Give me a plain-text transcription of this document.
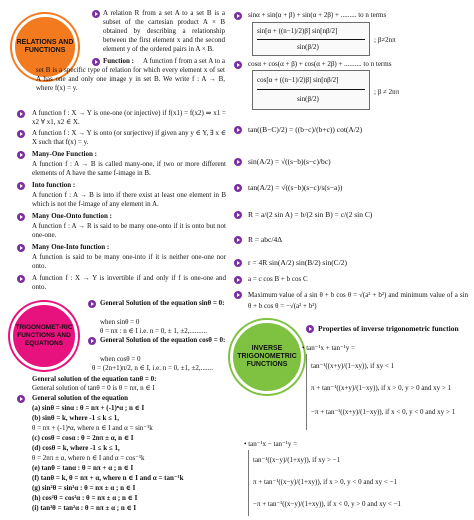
RELATIONS AND FUNCTIONS
A relation R from a set A to a set B is a subset of the cartesian product A × B obtained by describing a relationship between the first element x and the second element y of the ordered pairs in A × B.
Function :	A function f from a set A to a set B is a specific type of relation for which every element x of set A has one and only one image y in set B. We write f : A → B, where f(x) = y.
A function f : X → Y is one-one (or injective) if f(x1) = f(x2) ⇒ x1 = x2 ∀ x1, x2 ∈ X.
A function f : X → Y is onto (or surjective) if given any y ∈ Y, ∃ x ∈ X such that f(x) = y.
Many-One Function :
A function f : A → B is called many-one, if two or more different elements of A have the same f-image in B.
Into function :
A function f : A → B is into if there exist at least one element in B which is not the f-image of any element in A.
Many One-Onto function :
A function f : A → R is said to be many one-onto if it is onto but not one-one.
Many One-Into function :
A function is said to be many one-into if it is neither one-one nor onto.
A function f : X → Y is invertible if and only if f is one-one and onto.
TRIGONOMET-RIC FUNCTIONS AND EQUATIONS
General Solution of the equation sinθ = 0:
when sinθ = 0
θ = nπ : n ∈ I i.e. n = 0, ± 1, ±2,..........
General Solution of the equation cosθ = 0:
when cosθ = 0
θ = (2n+1)π/2, n ∈ I, i.e. n = 0, ±1, ±2,.......
General solution of the equation tanθ = 0:
General solution of tanθ = 0 is θ = nπ, n ∈ I
General solution of the equation
(a) sinθ = sinα : θ = nπ + (-1)ⁿα ; n ∈ I
(b) sinθ = k, where -1 ≤ k ≤ 1,
θ = nπ + (-1)ⁿα, where n ∈ I and α = sin⁻¹k
(c) cosθ = cosα : θ = 2nπ ± α, n ∈ I
(d) cosθ = k, where -1 ≤ k ≤ 1,
θ = 2nπ ± α, where n ∈ I and α = cos⁻¹k
(e) tanθ = tanα : θ = nπ + α ; n ∈ I
(f) tanθ = k, θ = nπ + α, where n ∈ I and α = tan⁻¹k
(g) sin²θ = sin²α : θ = nπ ± α ; n ∈ I
(h) cos²θ = cos²α : θ = nπ ± α ; n ∈ I
(i) tan²θ = tan²α : θ = nπ ± α ; n ∈ I
sinα + sin(α + β) + sin(α + 2β) + ......... to n terms
sin[α + ((n−1)/2)β] sin[nβ/2]
sin(β/2)
; β≠2nπ
cosα + cos(α + β) + cos(α + 2β) + .......... to n terms
cos[α + ((n−1)/2)β] sin[nβ/2]
sin(β/2)
; β ≠ 2nπ
tan((B−C)/2) = ((b−c)/(b+c)) cot(A/2)
sin(A/2) = √((s−b)(s−c)/bc)
tan(A/2) = √((s−b)(s−c)/s(s−a))
R = a/(2 sin A) = b/(2 sin B) = c/(2 sin C)
R = abc/4Δ
r = 4R sin(A/2) sin(B/2) sin(C/2)
a = c cos B + b cos C
Maximum value of a sin θ + b cos θ = √(a² + b²) and minimum value of a sin θ + b cos θ = −√(a² + b²)
INVERSE TRIGONOMETRIC FUNCTIONS
Properties of inverse trigonometric function
• tan⁻¹x + tan⁻¹y =
tan⁻¹((x+y)/(1−xy)), if xy < 1
π + tan⁻¹((x+y)/(1−xy)), if x > 0, y > 0 and xy > 1
−π + tan⁻¹((x+y)/(1−xy)), if x < 0, y < 0 and xy > 1
• tan⁻¹x − tan⁻¹y =
tan⁻¹((x−y)/(1+xy)), if xy > −1
π + tan⁻¹((x−y)/(1+xy)), if x > 0, y < 0 and xy < −1
−π + tan⁻¹((x−y)/(1+xy)), if x < 0, y > 0 and xy < −1
